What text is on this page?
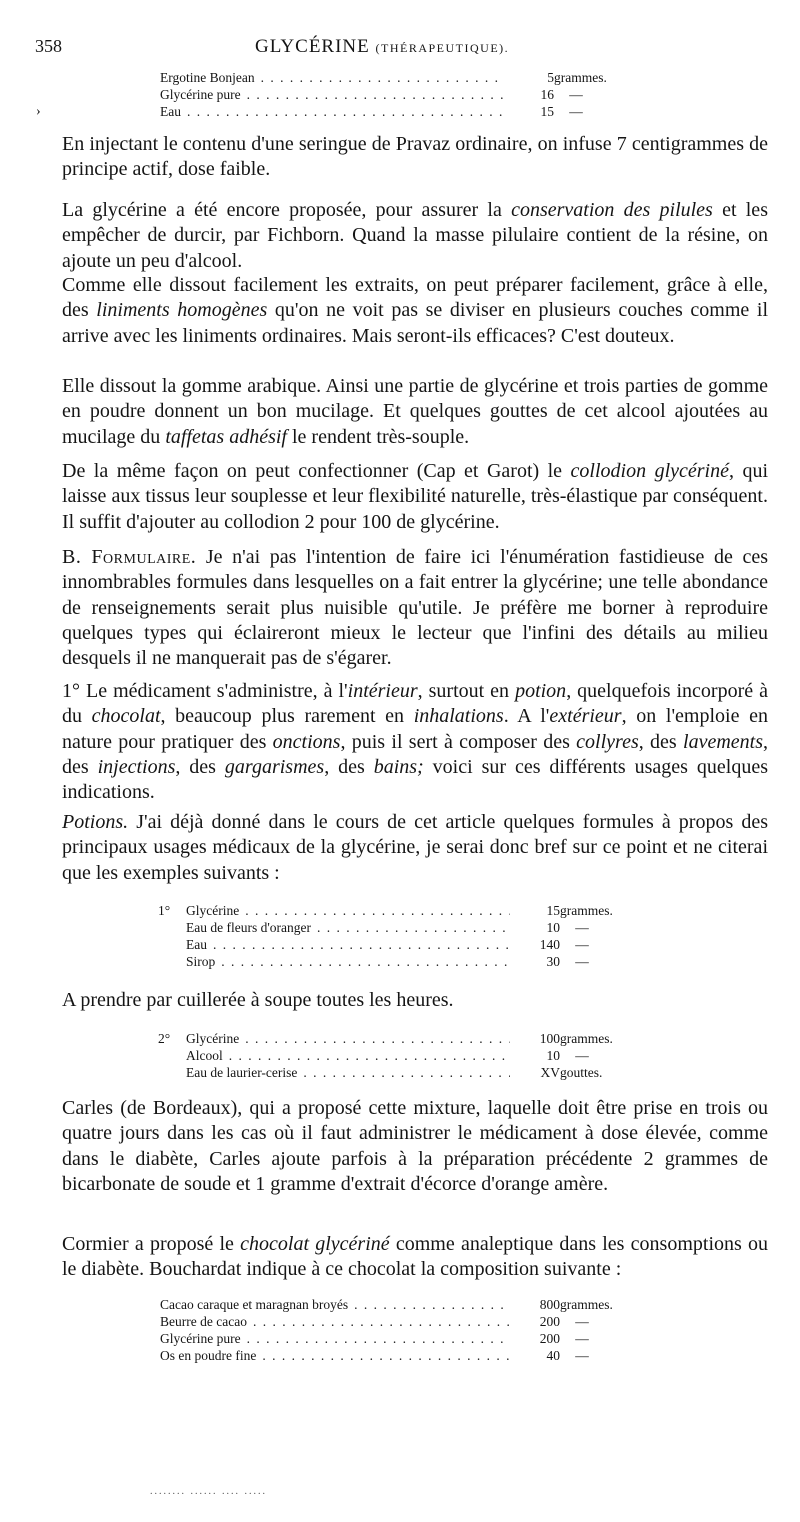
358	GLYCÉRINE (THÉRAPEUTIQUE).
›
Ergotine Bonjean . . .	5	grammes.

Glycérine pure . . .	16	—

Eau . . .	15	—

En injectant le contenu d'une seringue de Pravaz ordinaire, on infuse 7 centigrammes de principe actif, dose faible.

La glycérine a été encore proposée, pour assurer la conservation des pilules et les empêcher de durcir, par Fichborn. Quand la masse pilulaire contient de la résine, on ajoute un peu d'alcool.

Comme elle dissout facilement les extraits, on peut préparer facilement, grâce à elle, des liniments homogènes qu'on ne voit pas se diviser en plusieurs couches comme il arrive avec les liniments ordinaires. Mais seront-ils efficaces? C'est douteux.

Elle dissout la gomme arabique. Ainsi une partie de glycérine et trois parties de gomme en poudre donnent un bon mucilage. Et quelques gouttes de cet alcool ajoutées au mucilage du taffetas adhésif le rendent très-souple.

De la même façon on peut confectionner (Cap et Garot) le collodion glycériné, qui laisse aux tissus leur souplesse et leur flexibilité naturelle, très-élastique par conséquent. Il suffit d'ajouter au collodion 2 pour 100 de glycérine.

B. Formulaire. Je n'ai pas l'intention de faire ici l'énumération fastidieuse de ces innombrables formules dans lesquelles on a fait entrer la glycérine; une telle abondance de renseignements serait plus nuisible qu'utile. Je préfère me borner à reproduire quelques types qui éclaireront mieux le lecteur que l'infini des détails au milieu desquels il ne manquerait pas de s'égarer.

1° Le médicament s'administre, à l'intérieur, surtout en potion, quelquefois incorporé à du chocolat, beaucoup plus rarement en inhalations. A l'extérieur, on l'emploie en nature pour pratiquer des onctions, puis il sert à composer des collyres, des lavements, des injections, des gargarismes, des bains; voici sur ces différents usages quelques indications.

Potions. J'ai déjà donné dans le cours de cet article quelques formules à propos des principaux usages médicaux de la glycérine, je serai donc bref sur ce point et ne citerai que les exemples suivants :

1°	Glycérine . . .	15	grammes.

	Eau de fleurs d'oranger . . .	10	—

	Eau . . .	140	—

	Sirop . . .	30	—

A prendre par cuillerée à soupe toutes les heures.

2°	Glycérine . . .	100	grammes.

	Alcool . . .	10	—

	Eau de laurier-cerise . . .	XV	gouttes.

Carles (de Bordeaux), qui a proposé cette mixture, laquelle doit être prise en trois ou quatre jours dans les cas où il faut administrer le médicament à dose élevée, comme dans le diabète, Carles ajoute parfois à la préparation précédente 2 grammes de bicarbonate de soude et 1 gramme d'extrait d'écorce d'orange amère.

Cormier a proposé le chocolat glycériné comme analeptique dans les consomptions ou le diabète. Bouchardat indique à ce chocolat la composition suivante :

Cacao caraque et maragnan broyés . . .	800	grammes.

Beurre de cacao . . .	200	—

Glycérine pure . . .	200	—

Os en poudre fine . . .	40	—
........ ...... .... .....
